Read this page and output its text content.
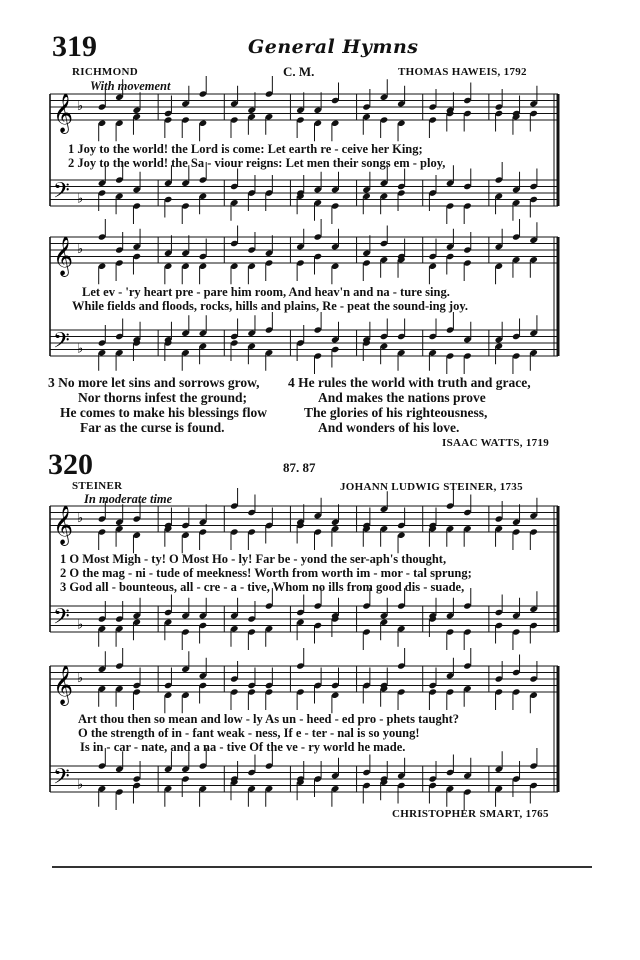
319	General Hymns
RICHMOND	C. M.	THOMAS HAWEIS, 1792
With movement
𝄞
𝄢
♭
♭
1 Joy to the world! the Lord is come: Let earth re - ceive her King;
2 Joy to the world! the Sa - viour reigns: Let men their songs em - ploy,
𝄞
𝄢
♭
♭
Let ev - 'ry heart pre - pare him room, And heav'n and na - ture sing.
While fields and floods, rocks, hills and plains, Re - peat the sound-ing joy.
3 No more let sins and sorrows grow,
Nor thorns infest the ground;
He comes to make his blessings flow
Far as the curse is found.
4 He rules the world with truth and grace,
And makes the nations prove
The glories of his righteousness,
And wonders of his love.
ISAAC WATTS, 1719
320	87. 87
STEINER	JOHANN LUDWIG STEINER, 1735
In moderate time
𝄞
𝄢
♭
♭
1 O Most Migh - ty! O Most Ho - ly! Far be - yond the ser-aph's thought,
2 O the mag - ni - tude of meekness! Worth from worth im - mor - tal sprung;
3 God all - bounteous, all - cre - a - tive, Whom no ills from good dis - suade,
𝄞
𝄢
♭
♭
Art thou then so mean and low - ly As un - heed - ed pro - phets taught?
O the strength of in - fant weak - ness, If e - ter - nal is so young!
Is in - car - nate, and a na - tive Of the ve - ry world he made.
CHRISTOPHER SMART, 1765
